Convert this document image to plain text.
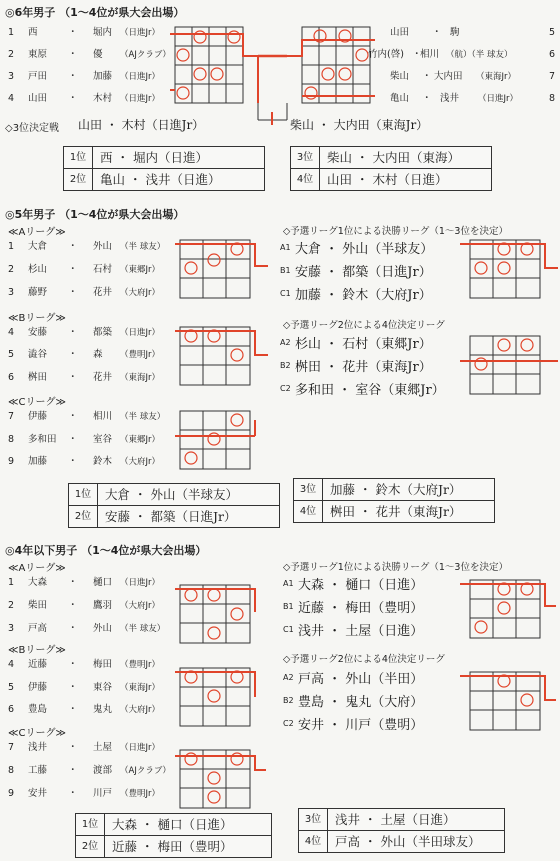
◎6年男子 （1～4位が県大会出場）
1	西	・ 堀内 （日進Jr）
2	東原 ・ 優 （AJクラブ）
3	戸田 ・ 加藤 （日進Jr）
4	山田 ・ 木村 （日進Jr）
山田 ・ 駒	5
竹内(啓) ・
相川 （航）（半 球友）	6
柴山 ・ 大内田 （東海Jr）	7
亀山 ・ 浅井 （日進Jr）	8
◇3位決定戦 山田 ・ 木村（日進Jr）	柴山 ・ 大内田（東海Jr）
1位	西 ・ 堀内（日進）
2位	亀山 ・ 浅井（日進）
3位	柴山 ・ 大内田（東海）
4位	山田 ・ 木村（日進）
◎5年男子 （1～4位が県大会出場）
≪Aリーグ≫
≪Bリーグ≫
≪Cリーグ≫
1	大倉 ・ 外山 （半 球友）
2	杉山 ・ 石村 （東郷Jr）
3	藤野 ・ 花井 （大府Jr）
4	安藤 ・ 都築 （日進Jr）
5	澁谷 ・ 森 （豊明Jr）
6	桝田 ・ 花井 （東海Jr）
7	伊藤 ・ 相川 （半 球友）
8	多和田 ・ 室谷 （東郷Jr）
9	加藤 ・ 鈴木 （大府Jr）
◇予選リーグ1位による決勝リーグ（1～3位を決定）
A1 大倉 ・ 外山（半球友）
B1 安藤 ・ 都築（日進Jr）
C1 加藤 ・ 鈴木（大府Jr）
◇予選リーグ2位による4位決定リーグ
A2 杉山 ・ 石村（東郷Jr）
B2 桝田 ・ 花井（東海Jr）
C2 多和田 ・ 室谷（東郷Jr）
1位	大倉 ・ 外山（半球友）
2位	安藤 ・ 都築（日進Jr）
3位	加藤 ・ 鈴木（大府Jr）
4位	桝田 ・ 花井（東海Jr）
◎4年以下男子 （1～4位が県大会出場）
≪Aリーグ≫
≪Bリーグ≫
≪Cリーグ≫
1	大森 ・ 樋口 （日進Jr）
2	柴田 ・ 鷹羽 （大府Jr）
3	戸高 ・ 外山 （半 球友）
4	近藤 ・ 梅田 （豊明Jr）
5	伊藤 ・ 東谷 （東海Jr）
6	豊島 ・ 鬼丸 （大府Jr）
7	浅井 ・ 土屋 （日進Jr）
8	工藤 ・ 渡部 （AJクラブ）
9	安井 ・ 川戸 （豊明Jr）
◇予選リーグ1位による決勝リーグ（1～3位を決定）
A1 大森 ・ 樋口（日進）
B1 近藤 ・ 梅田（豊明）
C1 浅井 ・ 土屋（日進）
◇予選リーグ2位による4位決定リーグ
A2 戸高 ・ 外山（半田）
B2 豊島 ・ 鬼丸（大府）
C2 安井 ・ 川戸（豊明）
1位	大森 ・ 樋口（日進）
2位	近藤 ・ 梅田（豊明）
3位	浅井 ・ 土屋（日進）
4位	戸高 ・ 外山（半田球友）
